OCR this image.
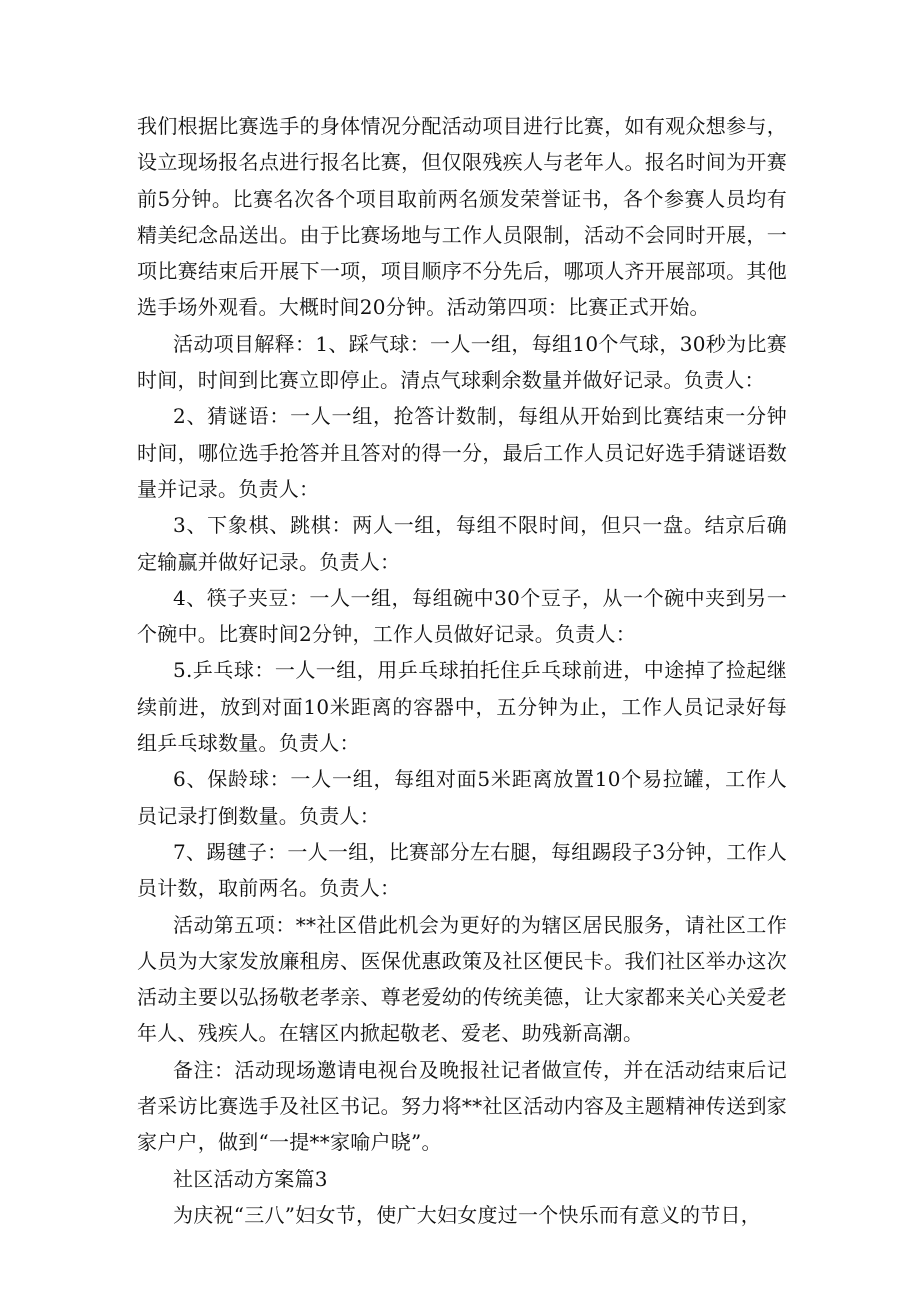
我们根据比赛选手的身体情况分配活动项目进行比赛，如有观众想参与，设立现场报名点进行报名比赛，但仅限残疾人与老年人。报名时间为开赛前5分钟。比赛名次各个项目取前两名颁发荣誉证书，各个参赛人员均有精美纪念品送出。由于比赛场地与工作人员限制，活动不会同时开展，一项比赛结束后开展下一项，项目顺序不分先后，哪项人齐开展部项。其他选手场外观看。大概时间20分钟。活动第四项：比赛正式开始。

活动项目解释：1、踩气球：一人一组，每组10个气球，30秒为比赛时间，时间到比赛立即停止。清点气球剩余数量并做好记录。负责人：

2、猜谜语：一人一组，抢答计数制，每组从开始到比赛结束一分钟时间，哪位选手抢答并且答对的得一分，最后工作人员记好选手猜谜语数量并记录。负责人：

3、下象棋、跳棋：两人一组，每组不限时间，但只一盘。结京后确定输赢并做好记录。负责人：

4、筷子夹豆：一人一组，每组碗中30个豆子，从一个碗中夹到另一个碗中。比赛时间2分钟，工作人员做好记录。负责人：

5.乒乓球：一人一组，用乒乓球拍托住乒乓球前进，中途掉了捡起继续前进，放到对面10米距离的容器中，五分钟为止，工作人员记录好每组乒乓球数量。负责人：

6、保龄球：一人一组，每组对面5米距离放置10个易拉罐，工作人员记录打倒数量。负责人：

7、踢毽子：一人一组，比赛部分左右腿，每组踢段子3分钟，工作人员计数，取前两名。负责人：

活动第五项：**社区借此机会为更好的为辖区居民服务，请社区工作人员为大家发放廉租房、医保优惠政策及社区便民卡。我们社区举办这次活动主要以弘扬敬老孝亲、尊老爱幼的传统美德，让大家都来关心关爱老年人、残疾人。在辖区内掀起敬老、爱老、助残新高潮。

备注：活动现场邀请电视台及晚报社记者做宣传，并在活动结束后记者采访比赛选手及社区书记。努力将**社区活动内容及主题精神传送到家家户户，做到“一提**家喻户晓”。

社区活动方案篇3

为庆祝“三八”妇女节，使广大妇女度过一个快乐而有意义的节日，
